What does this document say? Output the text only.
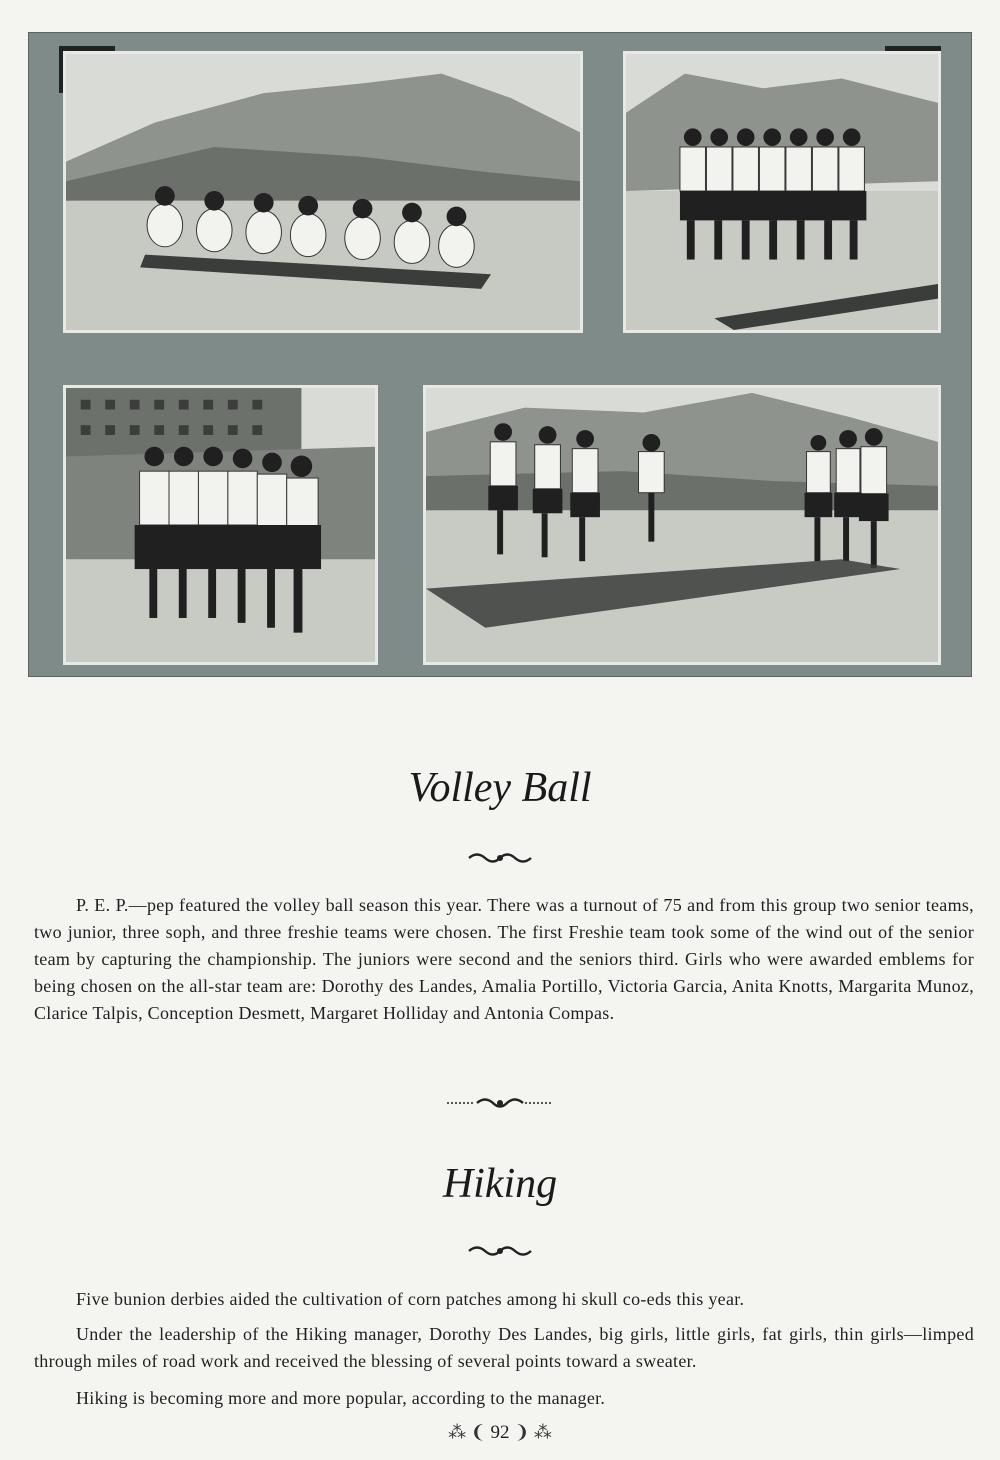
Volley Ball
P. E. P.—pep featured the volley ball season this year. There was a turnout of 75 and from this group two senior teams, two junior, three soph, and three freshie teams were chosen. The first Freshie team took some of the wind out of the senior team by capturing the championship. The juniors were second and the seniors third. Girls who were awarded emblems for being chosen on the all-star team are: Dorothy des Landes, Amalia Portillo, Victoria Garcia, Anita Knotts, Margarita Munoz, Clarice Talpis, Conception Desmett, Margaret Holliday and Antonia Compas.
Hiking
Five bunion derbies aided the cultivation of corn patches among hi skull co-eds this year.
Under the leadership of the Hiking manager, Dorothy Des Landes, big girls, little girls, fat girls, thin girls—limped through miles of road work and received the blessing of several points toward a sweater.
Hiking is becoming more and more popular, according to the manager.
⁂ ❨ 92 ❩ ⁂
